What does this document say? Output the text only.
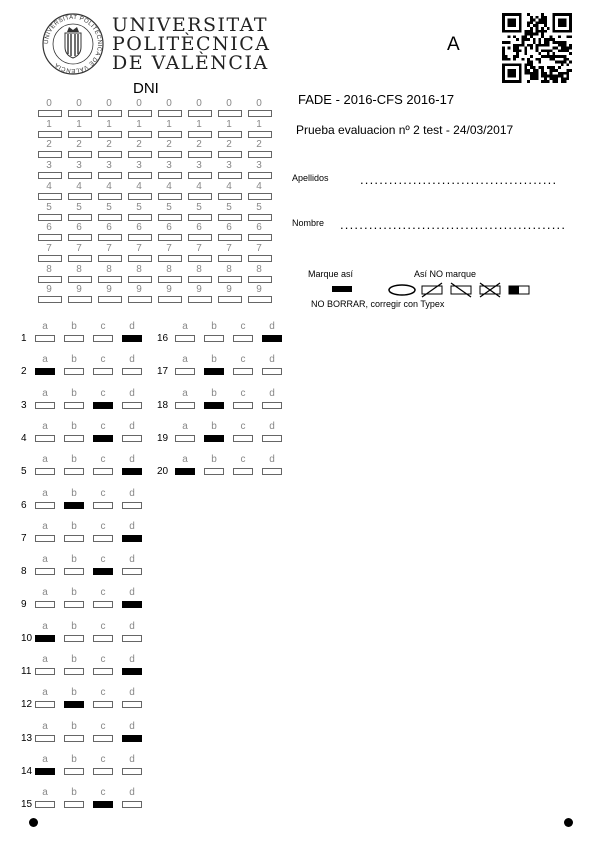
UNIVERSITAT POLITÈCNICA DE VALÈNCIA
UNIVERSITAT
POLITÈCNICA
DE VALÈNCIA
A
DNI
0	0	0	0	0	0	0	0
1	1	1	1	1	1	1	1
2	2	2	2	2	2	2	2
3	3	3	3	3	3	3	3
4	4	4	4	4	4	4	4
5	5	5	5	5	5	5	5
6	6	6	6	6	6	6	6
7	7	7	7	7	7	7	7
8	8	8	8	8	8	8	8
9	9	9	9	9	9	9	9
FADE - 2016-CFS 2016-17
Prueba evaluacion nº 2 test - 24/03/2017
Apellidos .........................................
Nombre ...............................................
Marque así	Así NO marque
NO BORRAR, corregir con Typex
1
a	b	c	d
2
a	b	c	d
3
a	b	c	d
4
a	b	c	d
5
a	b	c	d
6
a	b	c	d
7
a	b	c	d
8
a	b	c	d
9
a	b	c	d
10
a	b	c	d
11
a	b	c	d
12
a	b	c	d
13
a	b	c	d
14
a	b	c	d
15
a	b	c	d
16
a	b	c	d
17
a	b	c	d
18
a	b	c	d
19
a	b	c	d
20
a	b	c	d
